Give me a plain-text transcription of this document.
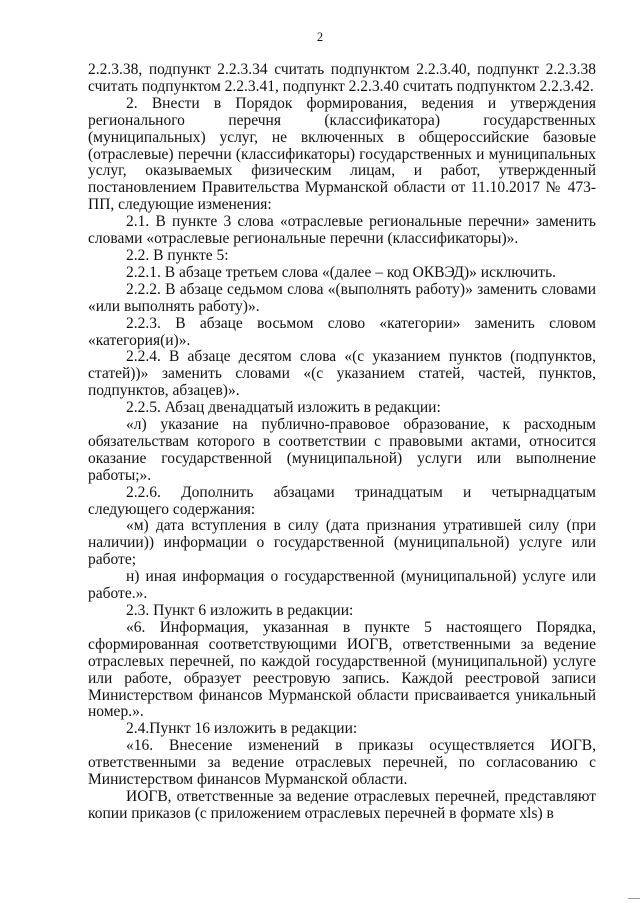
2

2.2.3.38, подпункт 2.2.3.34 считать подпунктом 2.2.3.40, подпункт 2.2.3.38 считать подпунктом 2.2.3.41, подпункт 2.2.3.40 считать подпунктом 2.2.3.42.

2. Внести в Порядок формирования, ведения и утверждения регионального перечня (классификатора) государственных (муниципальных) услуг, не включенных в общероссийские базовые (отраслевые) перечни (классификаторы) государственных и муниципальных услуг, оказываемых физическим лицам, и работ, утвержденный постановлением Правительства Мурманской области от 11.10.2017 № 473-ПП, следующие изменения:

2.1. В пункте 3 слова «отраслевые региональные перечни» заменить словами «отраслевые региональные перечни (классификаторы)».

2.2. В пункте 5:

2.2.1. В абзаце третьем слова «(далее – код ОКВЭД)» исключить.

2.2.2. В абзаце седьмом слова «(выполнять работу)» заменить словами «или выполнять работу)».

2.2.3. В абзаце восьмом слово «категории» заменить словом «категория(и)».

2.2.4. В абзаце десятом слова «(с указанием пунктов (подпунктов, статей))» заменить словами «(с указанием статей, частей, пунктов, подпунктов, абзацев)».

2.2.5. Абзац двенадцатый изложить в редакции:

«л) указание на публично-правовое образование, к расходным обязательствам которого в соответствии с правовыми актами, относится оказание государственной (муниципальной) услуги или выполнение работы;».

2.2.6. Дополнить абзацами тринадцатым и четырнадцатым следующего содержания:

«м) дата вступления в силу (дата признания утратившей силу (при наличии)) информации о государственной (муниципальной) услуге или работе;

н) иная информация о государственной (муниципальной) услуге или работе.».

2.3. Пункт 6 изложить в редакции:

«6. Информация, указанная в пункте 5 настоящего Порядка, сформированная соответствующими ИОГВ, ответственными за ведение отраслевых перечней, по каждой государственной (муниципальной) услуге или работе, образует реестровую запись. Каждой реестровой записи Министерством финансов Мурманской области присваивается уникальный номер.».

2.4.Пункт 16 изложить в редакции:

«16. Внесение изменений в приказы осуществляется ИОГВ, ответственными за ведение отраслевых перечней, по согласованию с Министерством финансов Мурманской области.

ИОГВ, ответственные за ведение отраслевых перечней, представляют копии приказов (с приложением отраслевых перечней в формате xls) в
